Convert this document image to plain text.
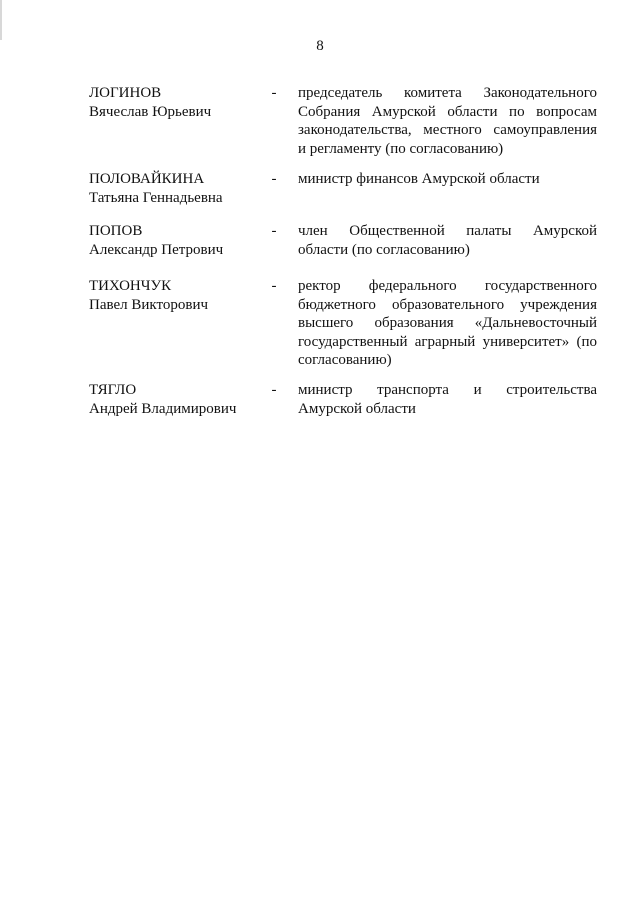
8
ЛОГИНОВ
Вячеслав Юрьевич
- председатель комитета Законодательного
Собрания Амурской области по вопросам
законодательства, местного самоуправления
и регламенту (по согласованию)
ПОЛОВАЙКИНА
Татьяна Геннадьевна
- министр финансов Амурской области
ПОПОВ
Александр Петрович
- член Общественной палаты Амурской
области (по согласованию)
ТИХОНЧУК
Павел Викторович
- ректор федерального государственного
бюджетного образовательного учреждения
высшего образования «Дальневосточный
государственный аграрный университет» (по
согласованию)
ТЯГЛО
Андрей Владимирович
- министр транспорта и строительства
Амурской области
